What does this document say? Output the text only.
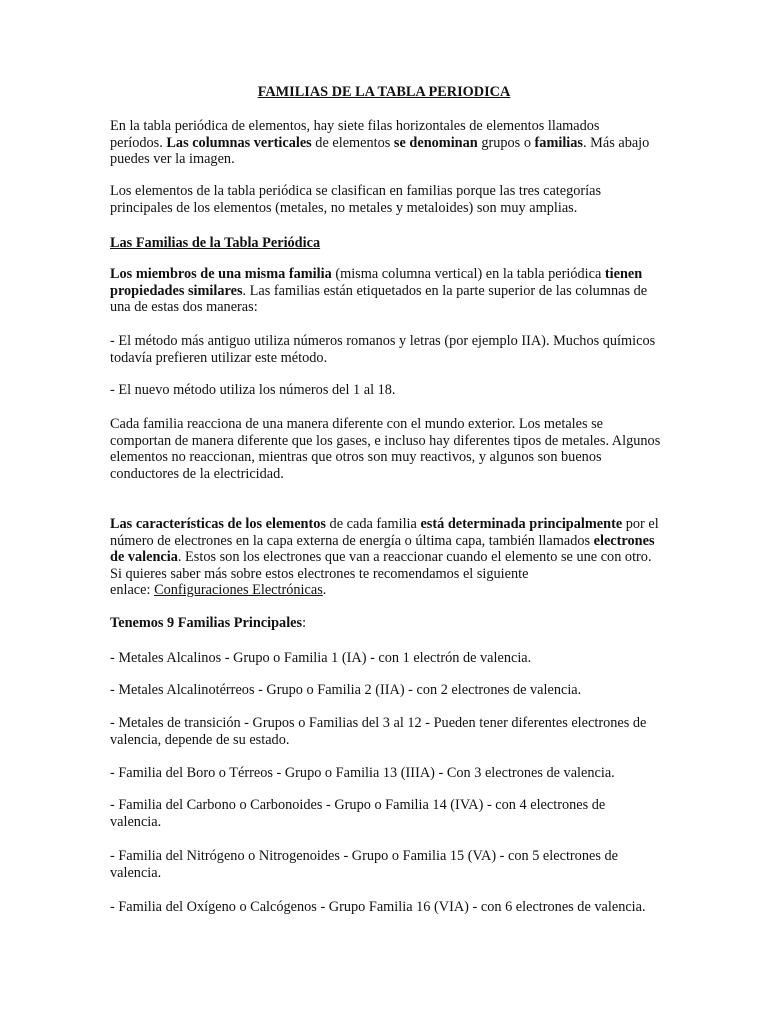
FAMILIAS DE LA TABLA PERIODICA
En la tabla periódica de elementos, hay siete filas horizontales de elementos llamados
períodos. Las columnas verticales de elementos se denominan grupos o familias. Más abajo
puedes ver la imagen.
Los elementos de la tabla periódica se clasifican en familias porque las tres categorías
principales de los elementos (metales, no metales y metaloides) son muy amplias.
Las Familias de la Tabla Periódica
Los miembros de una misma familia (misma columna vertical) en la tabla periódica tienen
propiedades similares. Las familias están etiquetados en la parte superior de las columnas de
una de estas dos maneras:
- El método más antiguo utiliza números romanos y letras (por ejemplo IIA). Muchos químicos
todavía prefieren utilizar este método.
- El nuevo método utiliza los números del 1 al 18.
Cada familia reacciona de una manera diferente con el mundo exterior. Los metales se
comportan de manera diferente que los gases, e incluso hay diferentes tipos de metales. Algunos
elementos no reaccionan, mientras que otros son muy reactivos, y algunos son buenos
conductores de la electricidad.
Las características de los elementos de cada familia está determinada principalmente por el
número de electrones en la capa externa de energía o última capa, también llamados electrones
de valencia. Estos son los electrones que van a reaccionar cuando el elemento se une con otro.
Si quieres saber más sobre estos electrones te recomendamos el siguiente
enlace: Configuraciones Electrónicas.
Tenemos 9 Familias Principales:
- Metales Alcalinos - Grupo o Familia 1 (IA) - con 1 electrón de valencia.
- Metales Alcalinotérreos - Grupo o Familia 2 (IIA) - con 2 electrones de valencia.
- Metales de transición - Grupos o Familias del 3 al 12 - Pueden tener diferentes electrones de
valencia, depende de su estado.
- Familia del Boro o Térreos - Grupo o Familia 13 (IIIA) - Con 3 electrones de valencia.
- Familia del Carbono o Carbonoides - Grupo o Familia 14 (IVA) - con 4 electrones de
valencia.
- Familia del Nitrógeno o Nitrogenoides - Grupo o Familia 15 (VA) - con 5 electrones de
valencia.
- Familia del Oxígeno o Calcógenos - Grupo Familia 16 (VIA) - con 6 electrones de valencia.
